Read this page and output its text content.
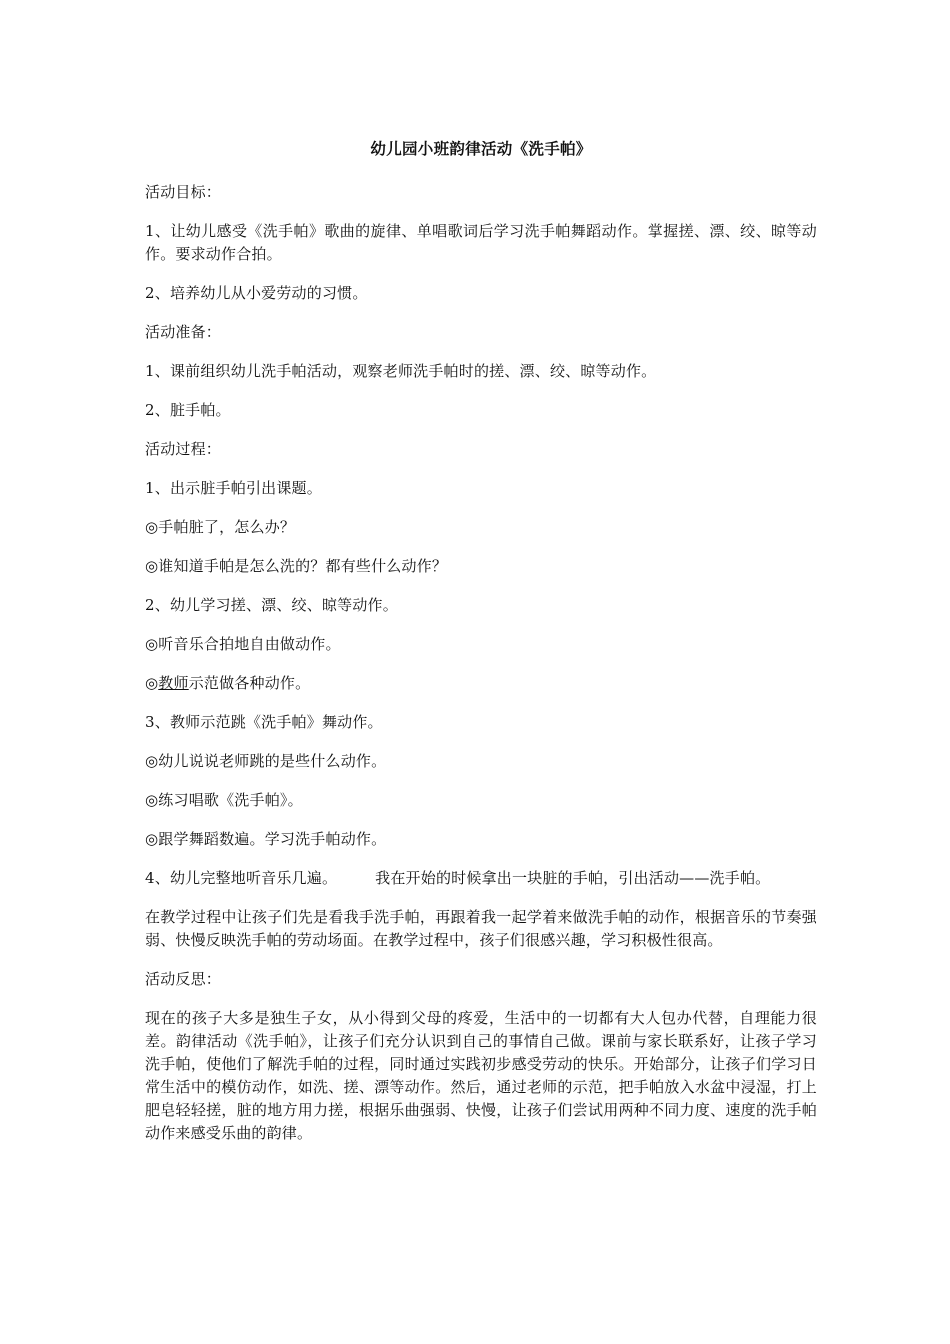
幼儿园小班韵律活动《洗手帕》
活动目标：
1、让幼儿感受《洗手帕》歌曲的旋律、单唱歌词后学习洗手帕舞蹈动作。掌握搓、漂、绞、晾等动作。要求动作合拍。
2、培养幼儿从小爱劳动的习惯。
活动准备：
1、课前组织幼儿洗手帕活动，观察老师洗手帕时的搓、漂、绞、晾等动作。
2、脏手帕。
活动过程：
1、出示脏手帕引出课题。
◎手帕脏了，怎么办？
◎谁知道手帕是怎么洗的？都有些什么动作？
2、幼儿学习搓、漂、绞、晾等动作。
◎听音乐合拍地自由做动作。
◎教师示范做各种动作。
3、教师示范跳《洗手帕》舞动作。
◎幼儿说说老师跳的是些什么动作。
◎练习唱歌《洗手帕》。
◎跟学舞蹈数遍。学习洗手帕动作。
4、幼儿完整地听音乐几遍。	我在开始的时候拿出一块脏的手帕，引出活动——洗手帕。
在教学过程中让孩子们先是看我手洗手帕，再跟着我一起学着来做洗手帕的动作，根据音乐的节奏强弱、快慢反映洗手帕的劳动场面。在教学过程中，孩子们很感兴趣，学习积极性很高。
活动反思：
现在的孩子大多是独生子女，从小得到父母的疼爱，生活中的一切都有大人包办代替，自理能力很差。韵律活动《洗手帕》，让孩子们充分认识到自己的事情自己做。课前与家长联系好，让孩子学习洗手帕，使他们了解洗手帕的过程，同时通过实践初步感受劳动的快乐。开始部分，让孩子们学习日常生活中的模仿动作，如洗、搓、漂等动作。然后，通过老师的示范，把手帕放入水盆中浸湿，打上肥皂轻轻搓，脏的地方用力搓，根据乐曲强弱、快慢，让孩子们尝试用两种不同力度、速度的洗手帕动作来感受乐曲的韵律。
